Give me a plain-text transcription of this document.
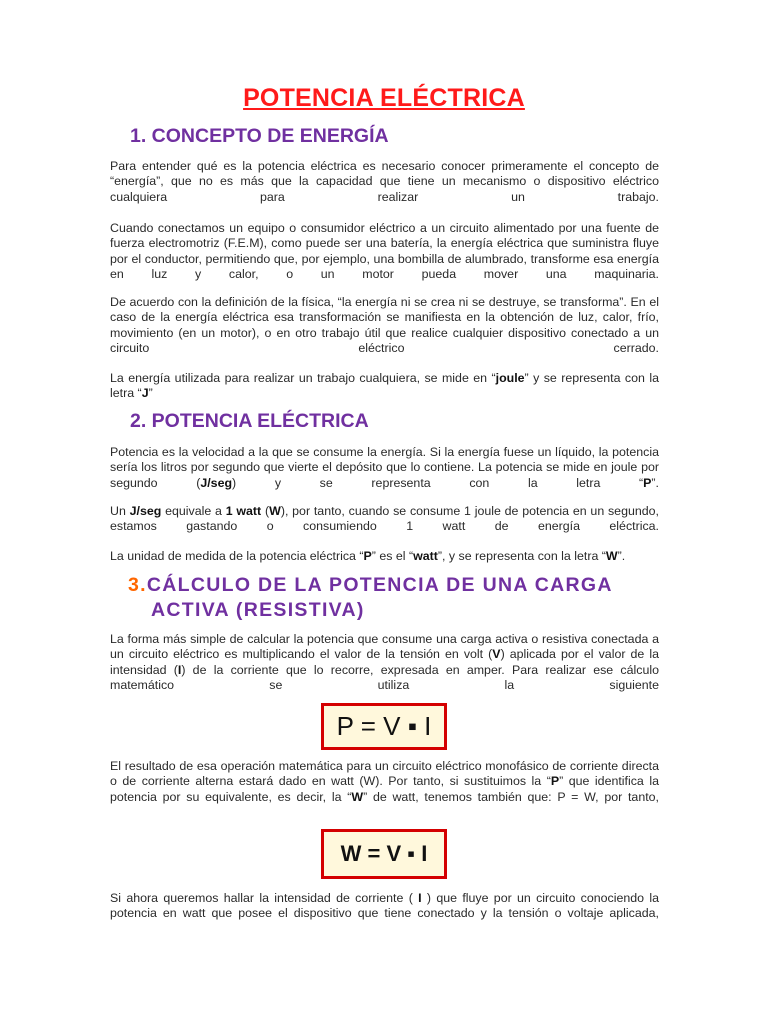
POTENCIA ELÉCTRICA
1. CONCEPTO DE ENERGÍA
Para entender qué es la potencia eléctrica es necesario conocer primeramente el concepto de “energía”, que no es más que la capacidad que tiene un mecanismo o dispositivo eléctrico cualquiera para realizar un trabajo.
Cuando conectamos un equipo o consumidor eléctrico a un circuito alimentado por una fuente de fuerza electromotriz (F.E.M), como puede ser una batería, la energía eléctrica que suministra fluye por el conductor, permitiendo que, por ejemplo, una bombilla de alumbrado, transforme esa energía en luz y calor, o un motor pueda mover una maquinaria.
De acuerdo con la definición de la física, “la energía ni se crea ni se destruye, se transforma”. En el caso de la energía eléctrica esa transformación se manifiesta en la obtención de luz, calor, frío, movimiento (en un motor), o en otro trabajo útil que realice cualquier dispositivo conectado a un circuito eléctrico cerrado.
La energía utilizada para realizar un trabajo cualquiera, se mide en “joule” y se representa con la letra “J”
2. POTENCIA ELÉCTRICA
Potencia es la velocidad a la que se consume la energía. Si la energía fuese un líquido, la potencia sería los litros por segundo que vierte el depósito que lo contiene. La potencia se mide en joule por segundo (J/seg) y se representa con la letra “P”.
Un J/seg equivale a 1 watt (W), por tanto, cuando se consume 1 joule de potencia en un segundo, estamos gastando o consumiendo 1 watt de energía eléctrica.
La unidad de medida de la potencia eléctrica “P” es el “watt”, y se representa con la letra “W”.
3.CÁLCULO DE LA POTENCIA DE UNA CARGA
ACTIVA (RESISTIVA)
La forma más simple de calcular la potencia que consume una carga activa o resistiva conectada a un circuito eléctrico es multiplicando el valor de la tensión en volt (V) aplicada por el valor de la intensidad (I) de la corriente que lo recorre, expresada en amper. Para realizar ese cálculo matemático se utiliza la siguiente
P = V ▪ I
El resultado de esa operación matemática para un circuito eléctrico monofásico de corriente directa o de corriente alterna estará dado en watt (W). Por tanto, si sustituimos la “P” que identifica la potencia por su equivalente, es decir, la “W” de watt, tenemos también que: P = W, por tanto,
W = V ▪ I
Si ahora queremos hallar la intensidad de corriente ( I ) que fluye por un circuito conociendo la potencia en watt que posee el dispositivo que tiene conectado y la tensión o voltaje aplicada,
